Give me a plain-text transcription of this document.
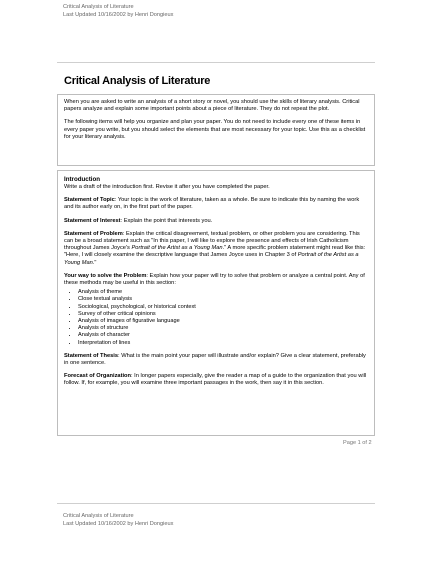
Critical Analysis of Literature
Last Updated 10/16/2002 by Henri Dongieux
Critical Analysis of Literature

When you are asked to write an analysis of a short story or novel, you should use the skills of literary analysis. Critical papers analyze and explain some important points about a piece of literature. They do not repeat the plot.

The following items will help you organize and plan your paper. You do not need to include every one of these items in every paper you write, but you should select the elements that are most necessary for your topic. Use this as a checklist for your literary analysis.

Introduction

Write a draft of the introduction first. Revise it after you have completed the paper.

Statement of Topic: Your topic is the work of literature, taken as a whole. Be sure to indicate this by naming the work and its author early on, in the first part of the paper.

Statement of Interest: Explain the point that interests you.

Statement of Problem: Explain the critical disagreement, textual problem, or other problem you are considering. This can be a broad statement such as "In this paper, I will like to explore the presence and effects of Irish Catholicism throughout James Joyce's Portrait of the Artist as a Young Man." A more specific problem statement might read like this: "Here, I will closely examine the descriptive language that James Joyce uses in Chapter 3 of Portrait of the Artist as a Young Man."

Your way to solve the Problem: Explain how your paper will try to solve that problem or analyze a central point. Any of these methods may be useful in this section:

• Analysis of theme
• Close textual analysis
• Sociological, psychological, or historical context
• Survey of other critical opinions
• Analysis of images of figurative language
• Analysis of structure
• Analysis of character
• Interpretation of lines

Statement of Thesis: What is the main point your paper will illustrate and/or explain? Give a clear statement, preferably in one sentence.

Forecast of Organization: In longer papers especially, give the reader a map of a guide to the organization that you will follow. If, for example, you will examine three important passages in the work, then say it in this section.

Page 1 of 2
Critical Analysis of Literature
Last Updated 10/16/2002 by Henri Dongieux
